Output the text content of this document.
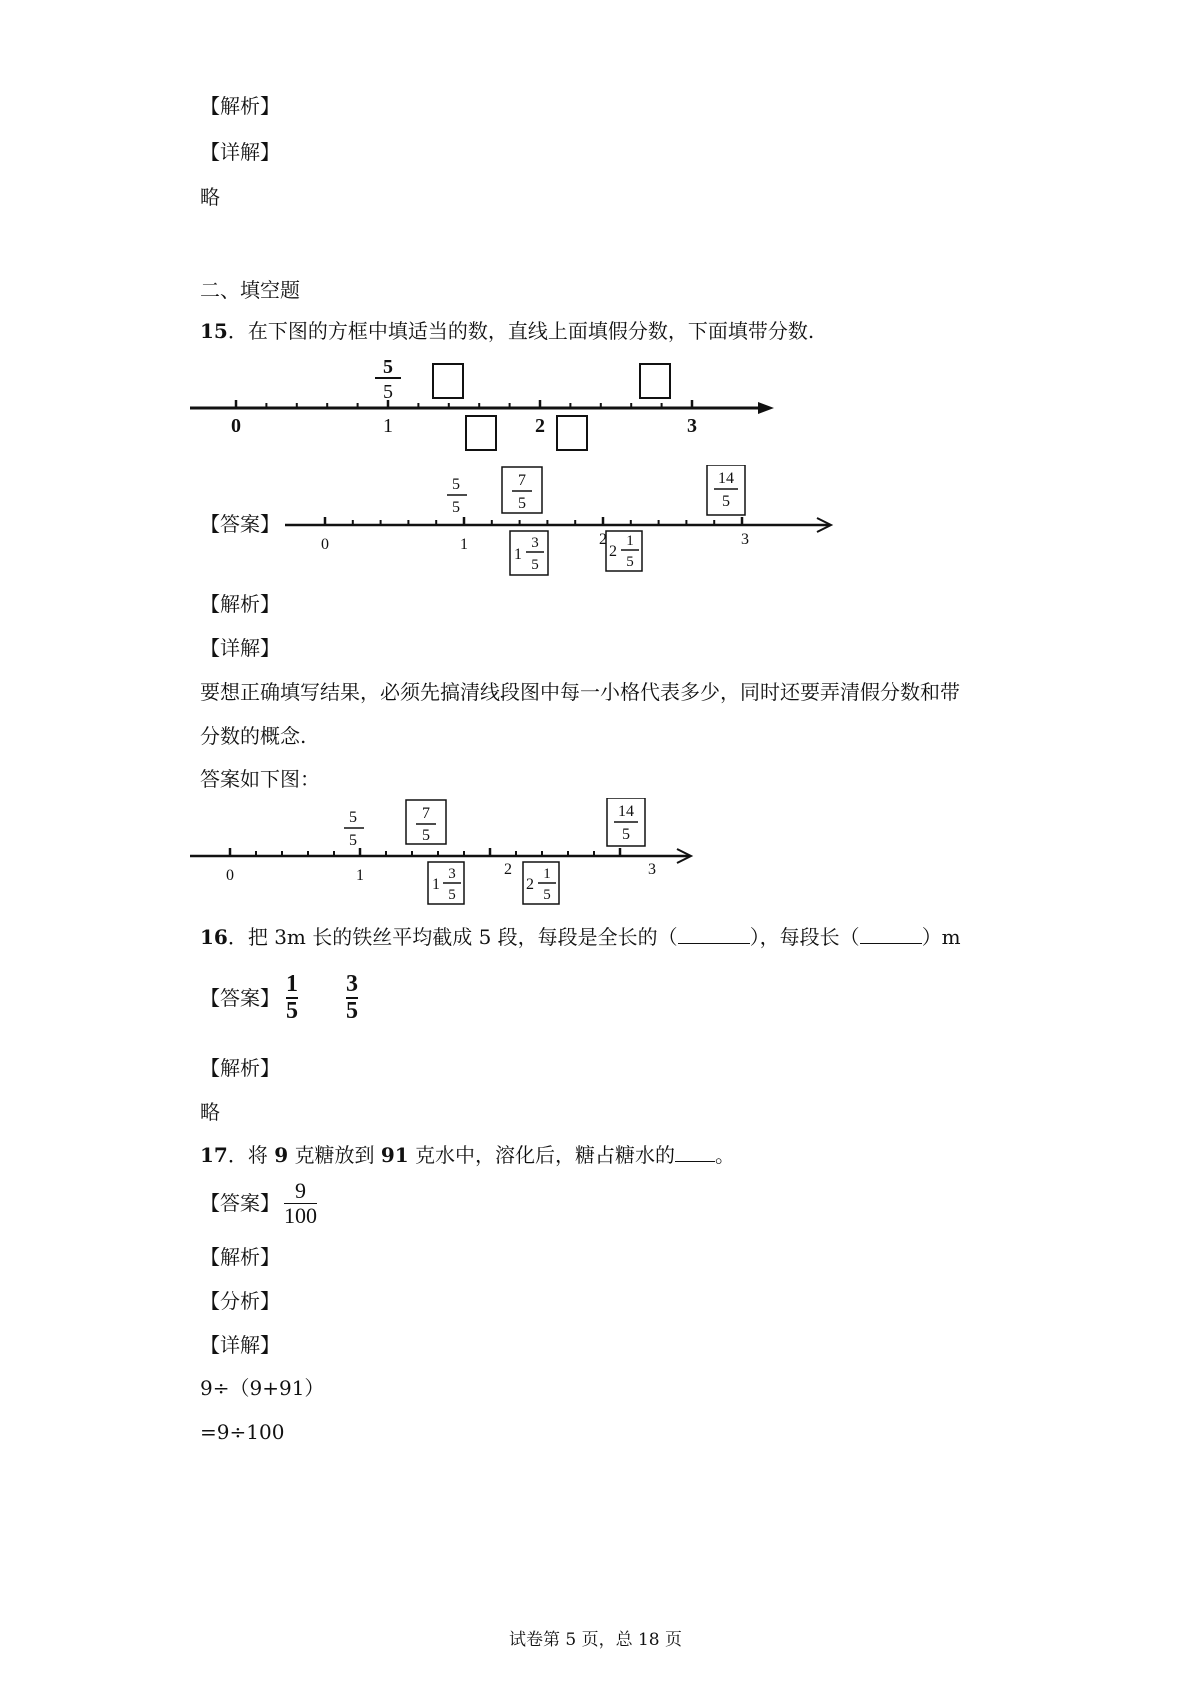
【解析】
【详解】
略
二、填空题
15．在下图的方框中填适当的数，直线上面填假分数，下面填带分数.
0	1	2	3
5
5
【答案】
0	1	2	3
5
5
7
5
14
5
1
3
5
2
1
5
【解析】
【详解】
要想正确填写结果，必须先搞清线段图中每一小格代表多少，同时还要弄清假分数和带
分数的概念.
答案如下图：
0	1	2	3
5
5
7
5
14
5
1
3
5
2
1
5
16．把 3m 长的铁丝平均截成 5 段，每段是全长的（	），每段长（	）m
【答案】 $\frac{1}{5} \frac{3}{5}$
【解析】
略
17．将 9 克糖放到 91 克水中，溶化后，糖占糖水的 。
【答案】 $\frac{9}{100}$
【解析】
【分析】
【详解】
9÷（9+91）
=9÷100
试卷第 5 页，总 18 页
